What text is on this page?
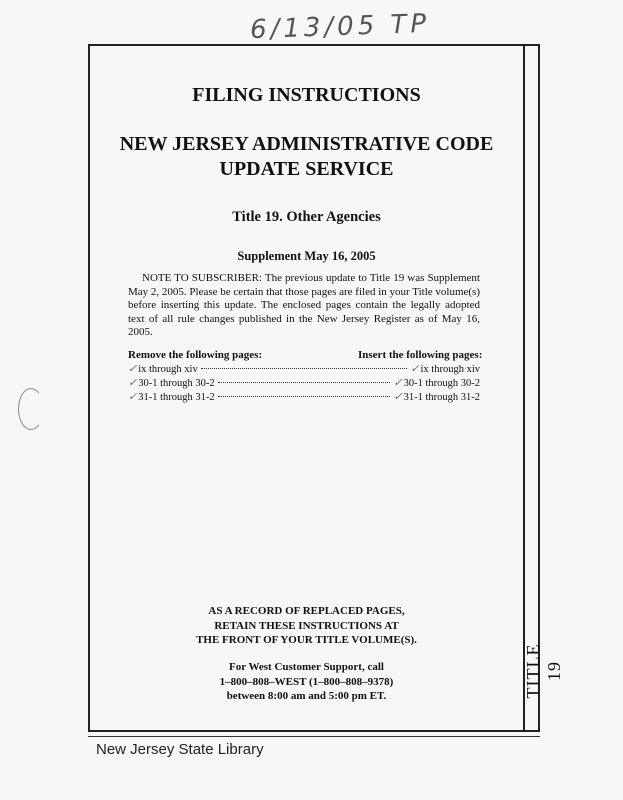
6/13/05 TP
TITLE 19
FILING INSTRUCTIONS
NEW JERSEY ADMINISTRATIVE CODE
UPDATE SERVICE
Title 19. Other Agencies
Supplement May 16, 2005
NOTE TO SUBSCRIBER: The previous update to Title 19 was Supplement May 2, 2005. Please be certain that those pages are filed in your Title volume(s) before inserting this update. The enclosed pages contain the legally adopted text of all rule changes published in the New Jersey Register as of May 16, 2005.
Remove the following pages:	Insert the following pages:
✓ix through xiv	✓ix through xiv
✓30-1 through 30-2	✓30-1 through 30-2
✓31-1 through 31-2	✓31-1 through 31-2
AS A RECORD OF REPLACED PAGES,
RETAIN THESE INSTRUCTIONS AT
THE FRONT OF YOUR TITLE VOLUME(S).
For West Customer Support, call
1–800–808–WEST (1–800–808–9378)
between 8:00 am and 5:00 pm ET.
New Jersey State Library
